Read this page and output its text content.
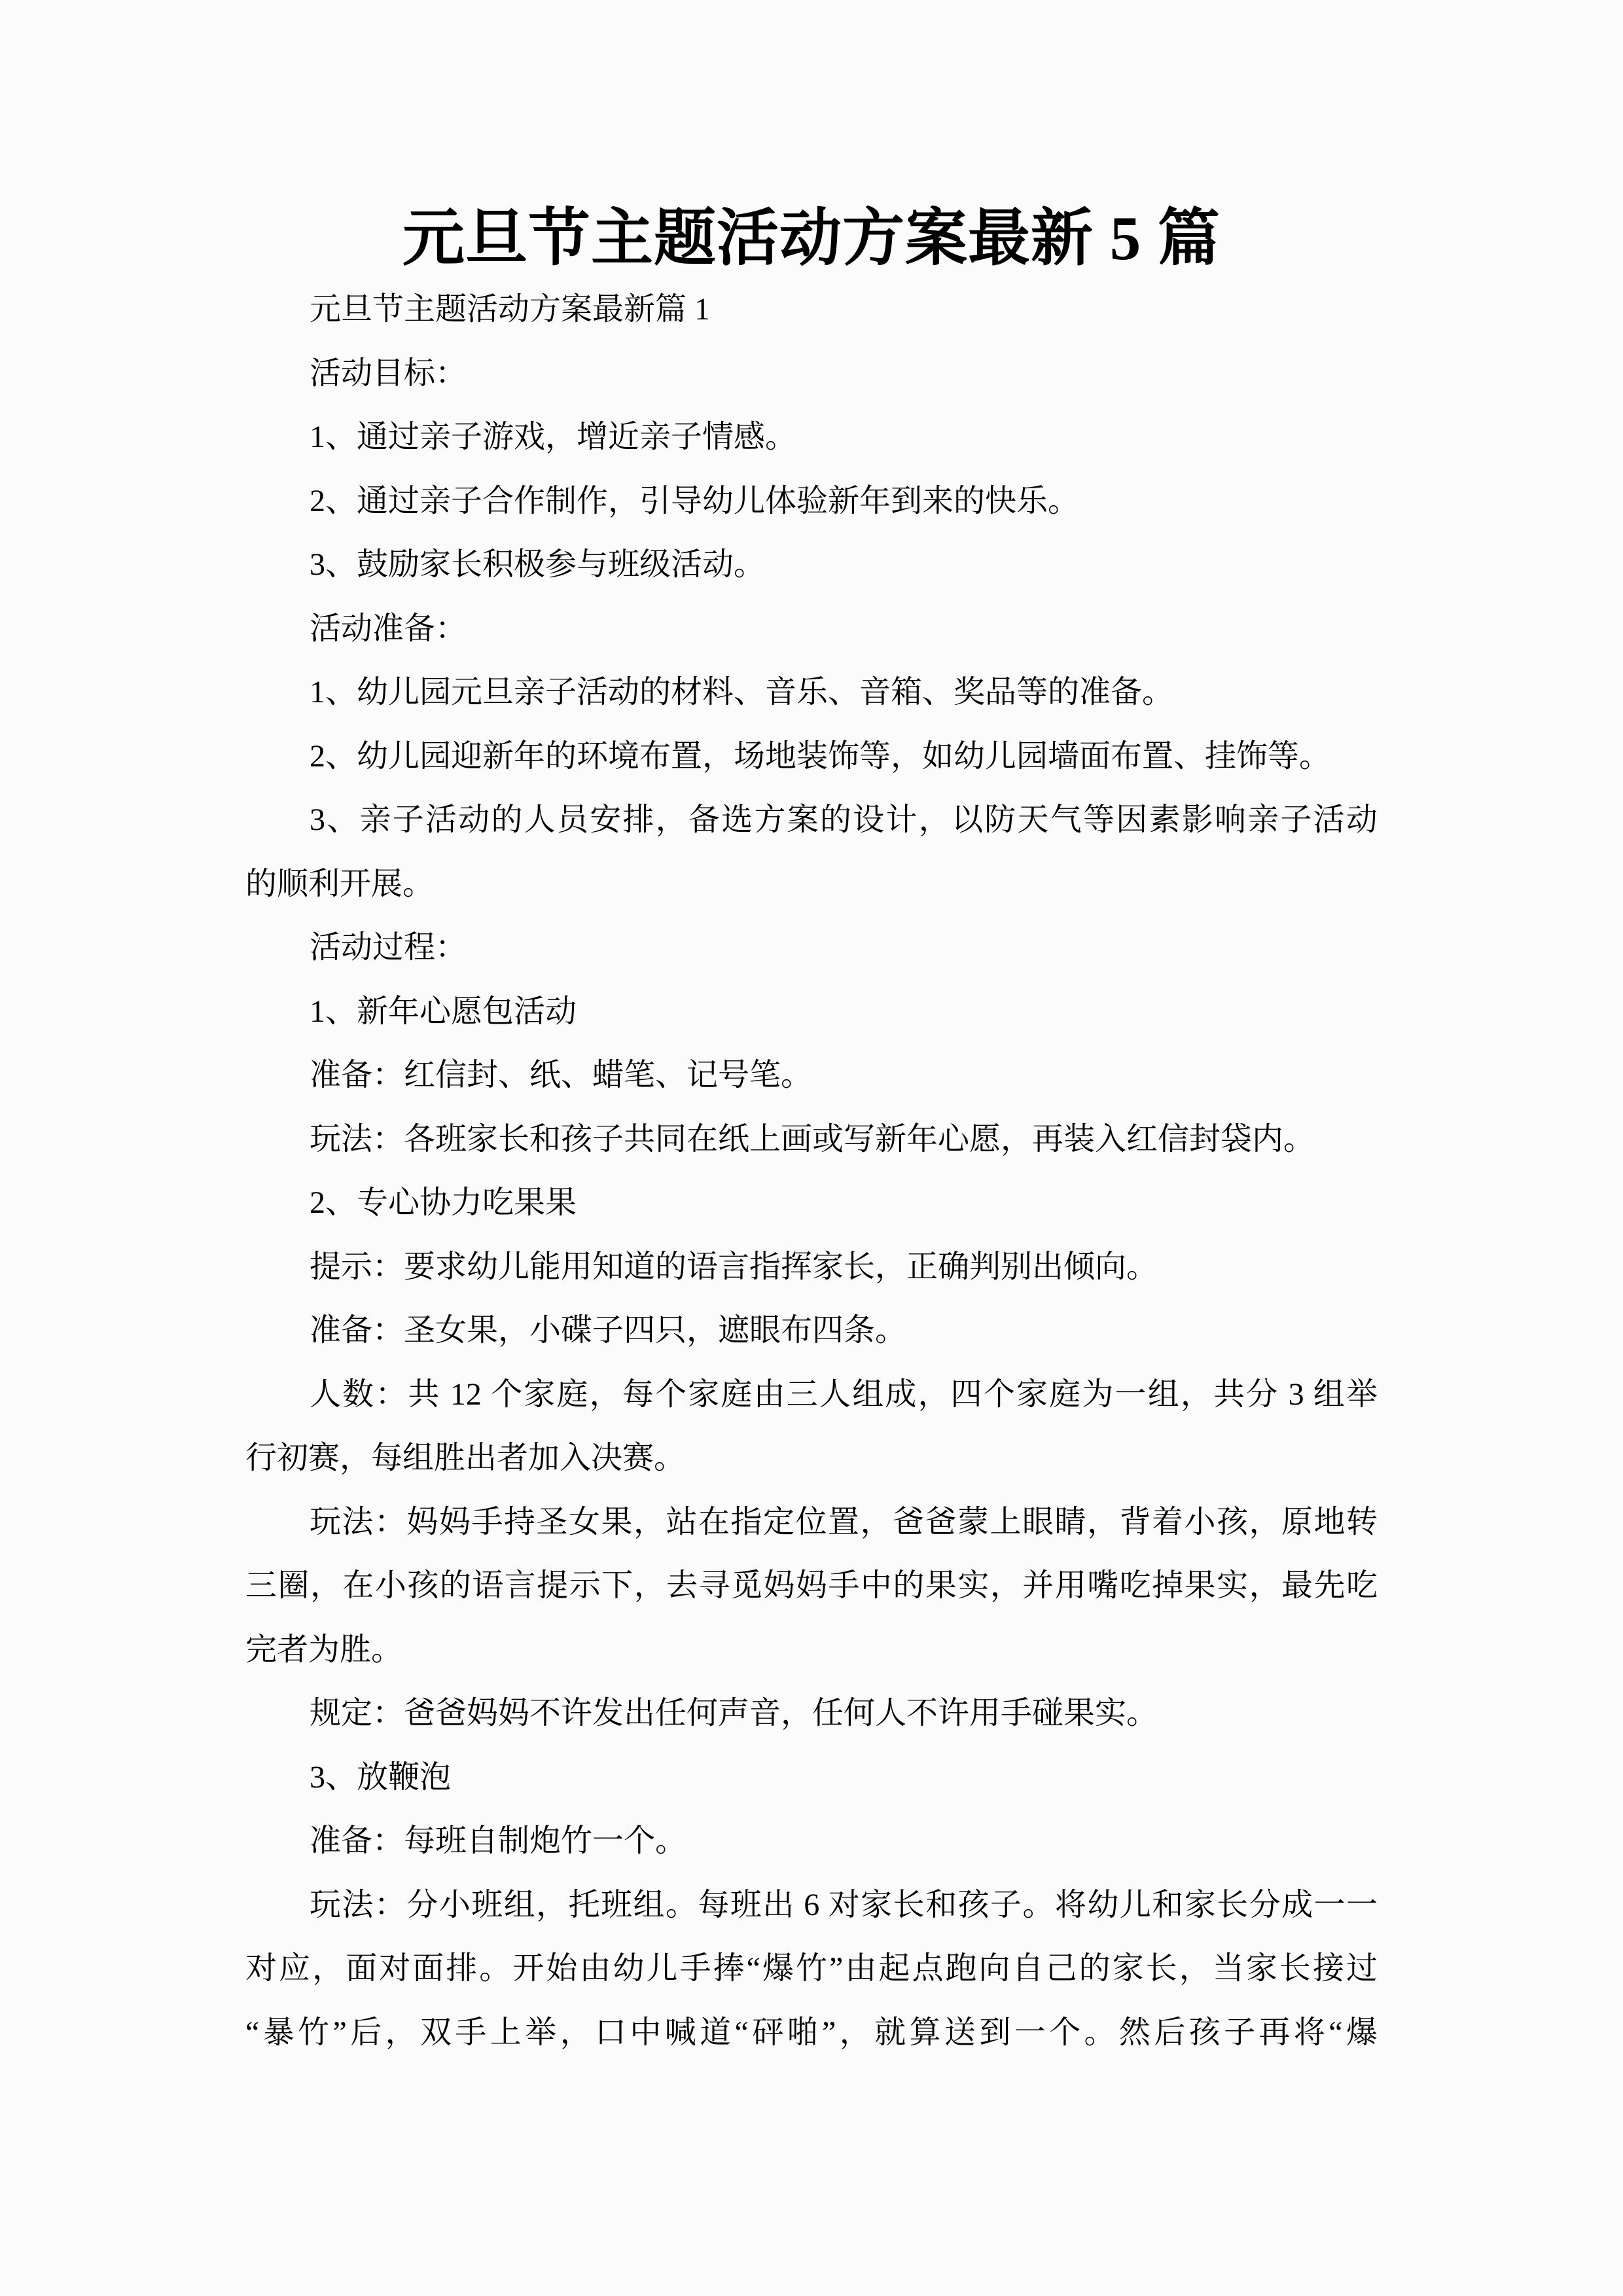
元旦节主题活动方案最新 5 篇

元旦节主题活动方案最新篇 1

活动目标：

1、通过亲子游戏，增近亲子情感。

2、通过亲子合作制作，引导幼儿体验新年到来的快乐。

3、鼓励家长积极参与班级活动。

活动准备：

1、幼儿园元旦亲子活动的材料、音乐、音箱、奖品等的准备。

2、幼儿园迎新年的环境布置，场地装饰等，如幼儿园墙面布置、挂饰等。

3、亲子活动的人员安排，备选方案的设计，以防天气等因素影响亲子活动

的顺利开展。

活动过程：

1、新年心愿包活动

准备：红信封、纸、蜡笔、记号笔。

玩法：各班家长和孩子共同在纸上画或写新年心愿，再装入红信封袋内。

2、专心协力吃果果

提示：要求幼儿能用知道的语言指挥家长，正确判别出倾向。

准备：圣女果，小碟子四只，遮眼布四条。

人数：共 12 个家庭，每个家庭由三人组成，四个家庭为一组，共分 3 组举

行初赛，每组胜出者加入决赛。

玩法：妈妈手持圣女果，站在指定位置，爸爸蒙上眼睛，背着小孩，原地转

三圈，在小孩的语言提示下，去寻觅妈妈手中的果实，并用嘴吃掉果实，最先吃

完者为胜。

规定：爸爸妈妈不许发出任何声音，任何人不许用手碰果实。

3、放鞭泡

准备：每班自制炮竹一个。

玩法：分小班组，托班组。每班出 6 对家长和孩子。将幼儿和家长分成一一

对应，面对面排。开始由幼儿手捧“爆竹”由起点跑向自己的家长，当家长接过

“暴竹”后，双手上举，口中喊道“砰啪”，就算送到一个。然后孩子再将“爆
